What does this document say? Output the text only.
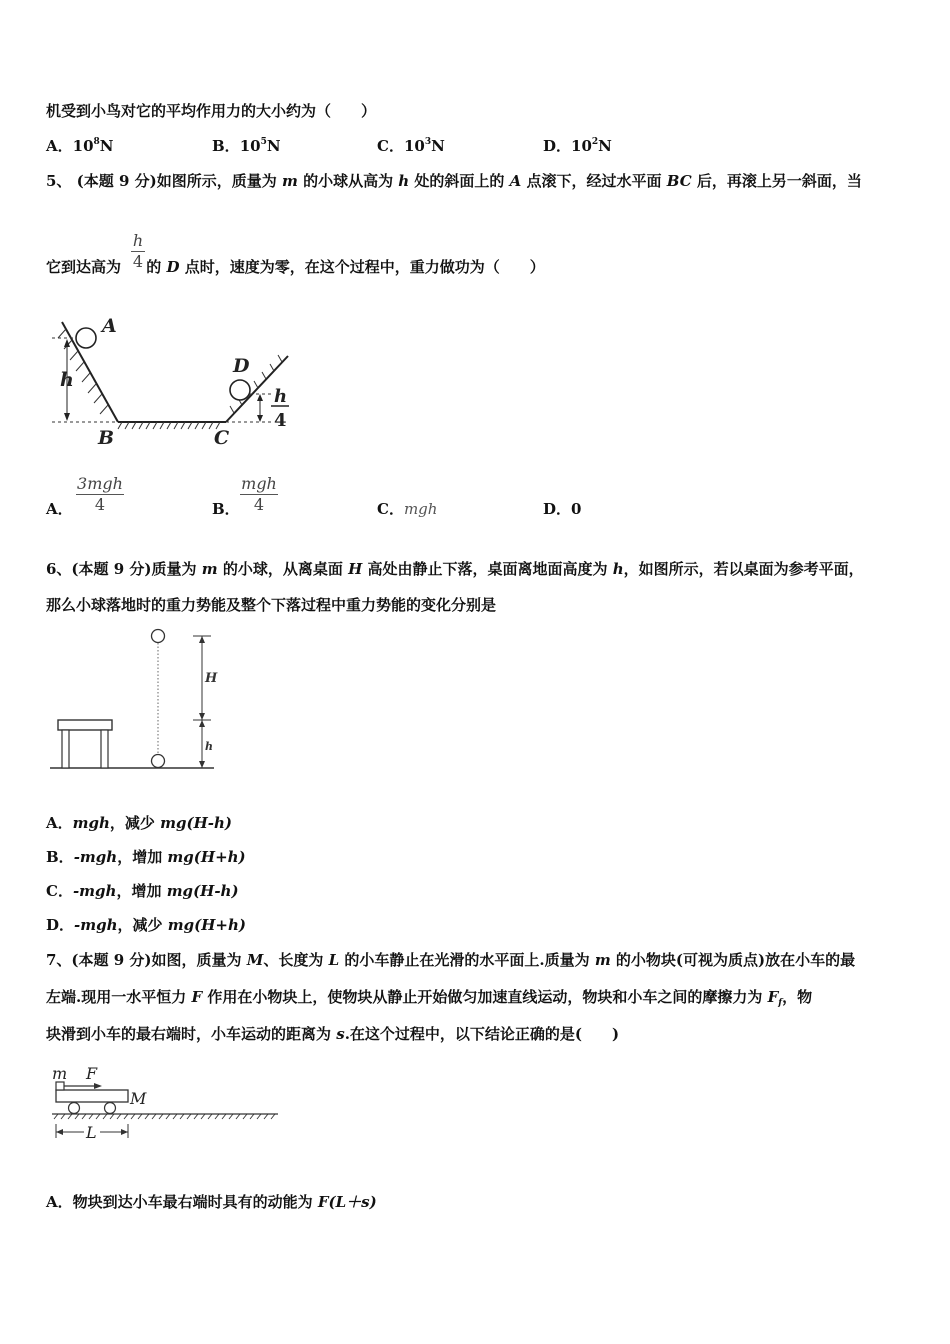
机受到小鸟对它的平均作用力的大小约为（　　）
A．$10^8N$	B．$10^5N$	C．$10^3N$	D．$10^2N$
5、 (本题 9 分)如图所示，质量为 m 的小球从高为 h 处的斜面上的 A 点滚下，经过水平面 BC 后，再滚上另一斜面，当
它到达高为 的 D 点时，速度为零，在这个过程中，重力做功为（　　）
h
4
A
h
B	C
D
h
4
A．
3mgh
4	B．
mgh
4	C．mgh	D．0
6、(本题 9 分)质量为 m 的小球，从离桌面 H 高处由静止下落，桌面离地面高度为 h，如图所示，若以桌面为参考平面，
那么小球落地时的重力势能及整个下落过程中重力势能的变化分别是
H
h
A．mgh，减少 mg(H-h)
B．-mgh，增加 mg(H+h)
C．-mgh，增加 mg(H-h)
D．-mgh，减少 mg(H+h)
7、(本题 9 分)如图，质量为 M、长度为 L 的小车静止在光滑的水平面上.质量为 m 的小物块(可视为质点)放在小车的最
左端.现用一水平恒力 F 作用在小物块上，使物块从静止开始做匀加速直线运动，物块和小车之间的摩擦力为 $F_f$，物
块滑到小车的最右端时，小车运动的距离为 s.在这个过程中，以下结论正确的是(　　)
m F
M
L
A．物块到达小车最右端时具有的动能为 F(L＋s)
